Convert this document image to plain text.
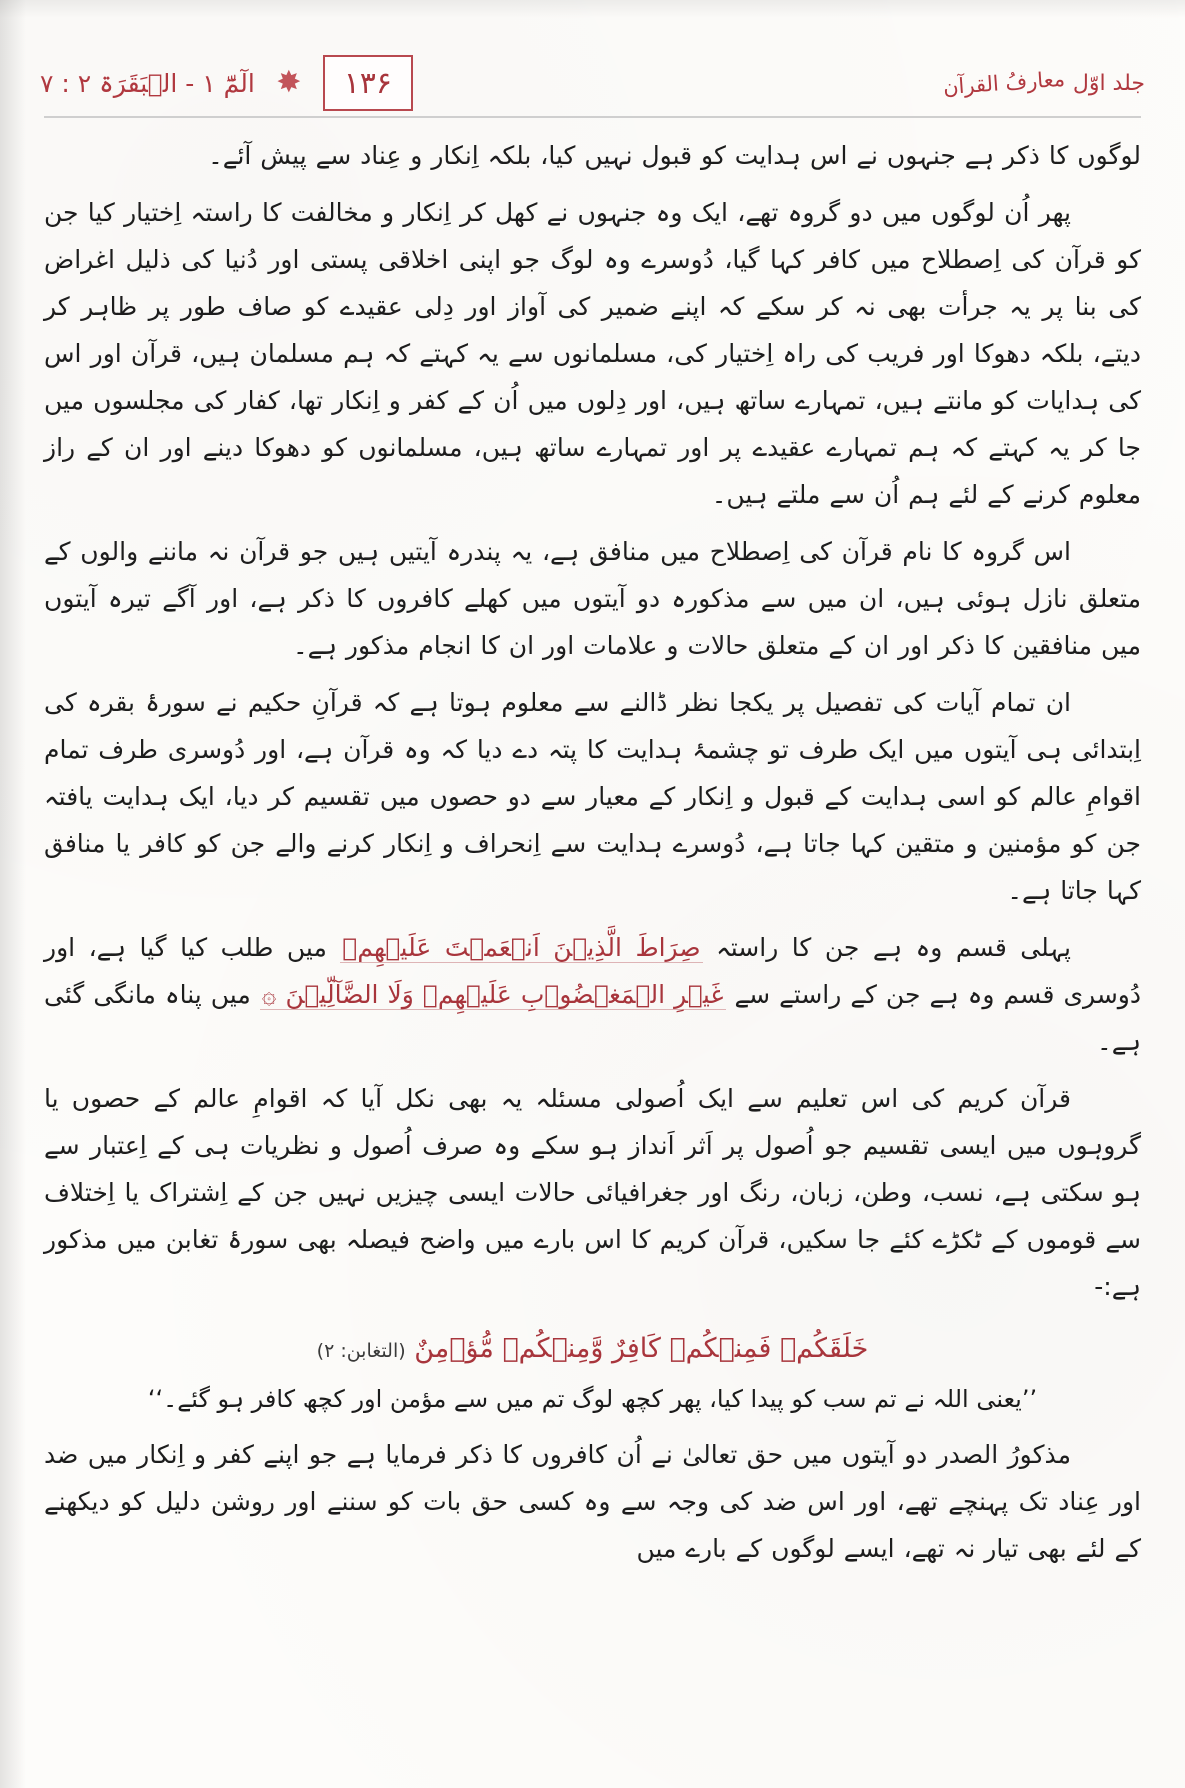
۱۳۶
✸
الٓمّٓ ۱ - الۡبَقَرَۃ ۲ : ۷	جلد اوّل
معارفُ القرآن

لوگوں کا ذکر ہے جنہوں نے اس ہدایت کو قبول نہیں کیا، بلکہ اِنکار و عِناد سے پیش آئے۔

پھر اُن لوگوں میں دو گروہ تھے، ایک وہ جنہوں نے کھل کر اِنکار و مخالفت کا راستہ اِختیار کیا جن کو قرآن کی اِصطلاح میں کافر کہا گیا، دُوسرے وہ لوگ جو اپنی اخلاقی پستی اور دُنیا کی ذلیل اغراض کی بنا پر یہ جرأت بھی نہ کر سکے کہ اپنے ضمیر کی آواز اور دِلی عقیدے کو صاف طور پر ظاہر کر دیتے، بلکہ دھوکا اور فریب کی راہ اِختیار کی، مسلمانوں سے یہ کہتے کہ ہم مسلمان ہیں، قرآن اور اس کی ہدایات کو مانتے ہیں، تمہارے ساتھ ہیں، اور دِلوں میں اُن کے کفر و اِنکار تھا، کفار کی مجلسوں میں جا کر یہ کہتے کہ ہم تمہارے عقیدے پر اور تمہارے ساتھ ہیں، مسلمانوں کو دھوکا دینے اور ان کے راز معلوم کرنے کے لئے ہم اُن سے ملتے ہیں۔

اس گروہ کا نام قرآن کی اِصطلاح میں منافق ہے، یہ پندرہ آیتیں ہیں جو قرآن نہ ماننے والوں کے متعلق نازل ہوئی ہیں، ان میں سے مذکورہ دو آیتوں میں کھلے کافروں کا ذکر ہے، اور آگے تیرہ آیتوں میں منافقین کا ذکر اور ان کے متعلق حالات و علامات اور ان کا انجام مذکور ہے۔

ان تمام آیات کی تفصیل پر یکجا نظر ڈالنے سے معلوم ہوتا ہے کہ قرآنِ حکیم نے سورۂ بقرہ کی اِبتدائی ہی آیتوں میں ایک طرف تو چشمۂ ہدایت کا پتہ دے دیا کہ وہ قرآن ہے، اور دُوسری طرف تمام اقوامِ عالم کو اسی ہدایت کے قبول و اِنکار کے معیار سے دو حصوں میں تقسیم کر دیا، ایک ہدایت یافتہ جن کو مؤمنین و متقین کہا جاتا ہے، دُوسرے ہدایت سے اِنحراف و اِنکار کرنے والے جن کو کافر یا منافق کہا جاتا ہے۔

پہلی قسم وہ ہے جن کا راستہ صِرَاطَ الَّذِيۡنَ اَنۡعَمۡتَ عَلَيۡهِمۡ میں طلب کیا گیا ہے، اور دُوسری قسم وہ ہے جن کے راستے سے غَيۡرِ الۡمَغۡضُوۡبِ عَلَيۡهِمۡ وَلَا الضَّآلِّيۡنَ ۞ میں پناہ مانگی گئی ہے۔

قرآن کریم کی اس تعلیم سے ایک اُصولی مسئلہ یہ بھی نکل آیا کہ اقوامِ عالم کے حصوں یا گروہوں میں ایسی تقسیم جو اُصول پر اَثر اَنداز ہو سکے وہ صرف اُصول و نظریات ہی کے اِعتبار سے ہو سکتی ہے، نسب، وطن، زبان، رنگ اور جغرافیائی حالات ایسی چیزیں نہیں جن کے اِشتراک یا اِختلاف سے قوموں کے ٹکڑے کئے جا سکیں، قرآن کریم کا اس بارے میں واضح فیصلہ بھی سورۂ تغابن میں مذکور ہے:-

خَلَقَكُمۡ فَمِنۡكُمۡ كَافِرٌ وَّمِنۡكُمۡ مُّؤۡمِنٌ (التغابن: ۲)

’’یعنی اللہ نے تم سب کو پیدا کیا، پھر کچھ لوگ تم میں سے مؤمن اور کچھ کافر ہو گئے۔‘‘

مذکورُ الصدر دو آیتوں میں حق تعالیٰ نے اُن کافروں کا ذکر فرمایا ہے جو اپنے کفر و اِنکار میں ضد اور عِناد تک پہنچے تھے، اور اس ضد کی وجہ سے وہ کسی حق بات کو سننے اور روشن دلیل کو دیکھنے کے لئے بھی تیار نہ تھے، ایسے لوگوں کے بارے میں
